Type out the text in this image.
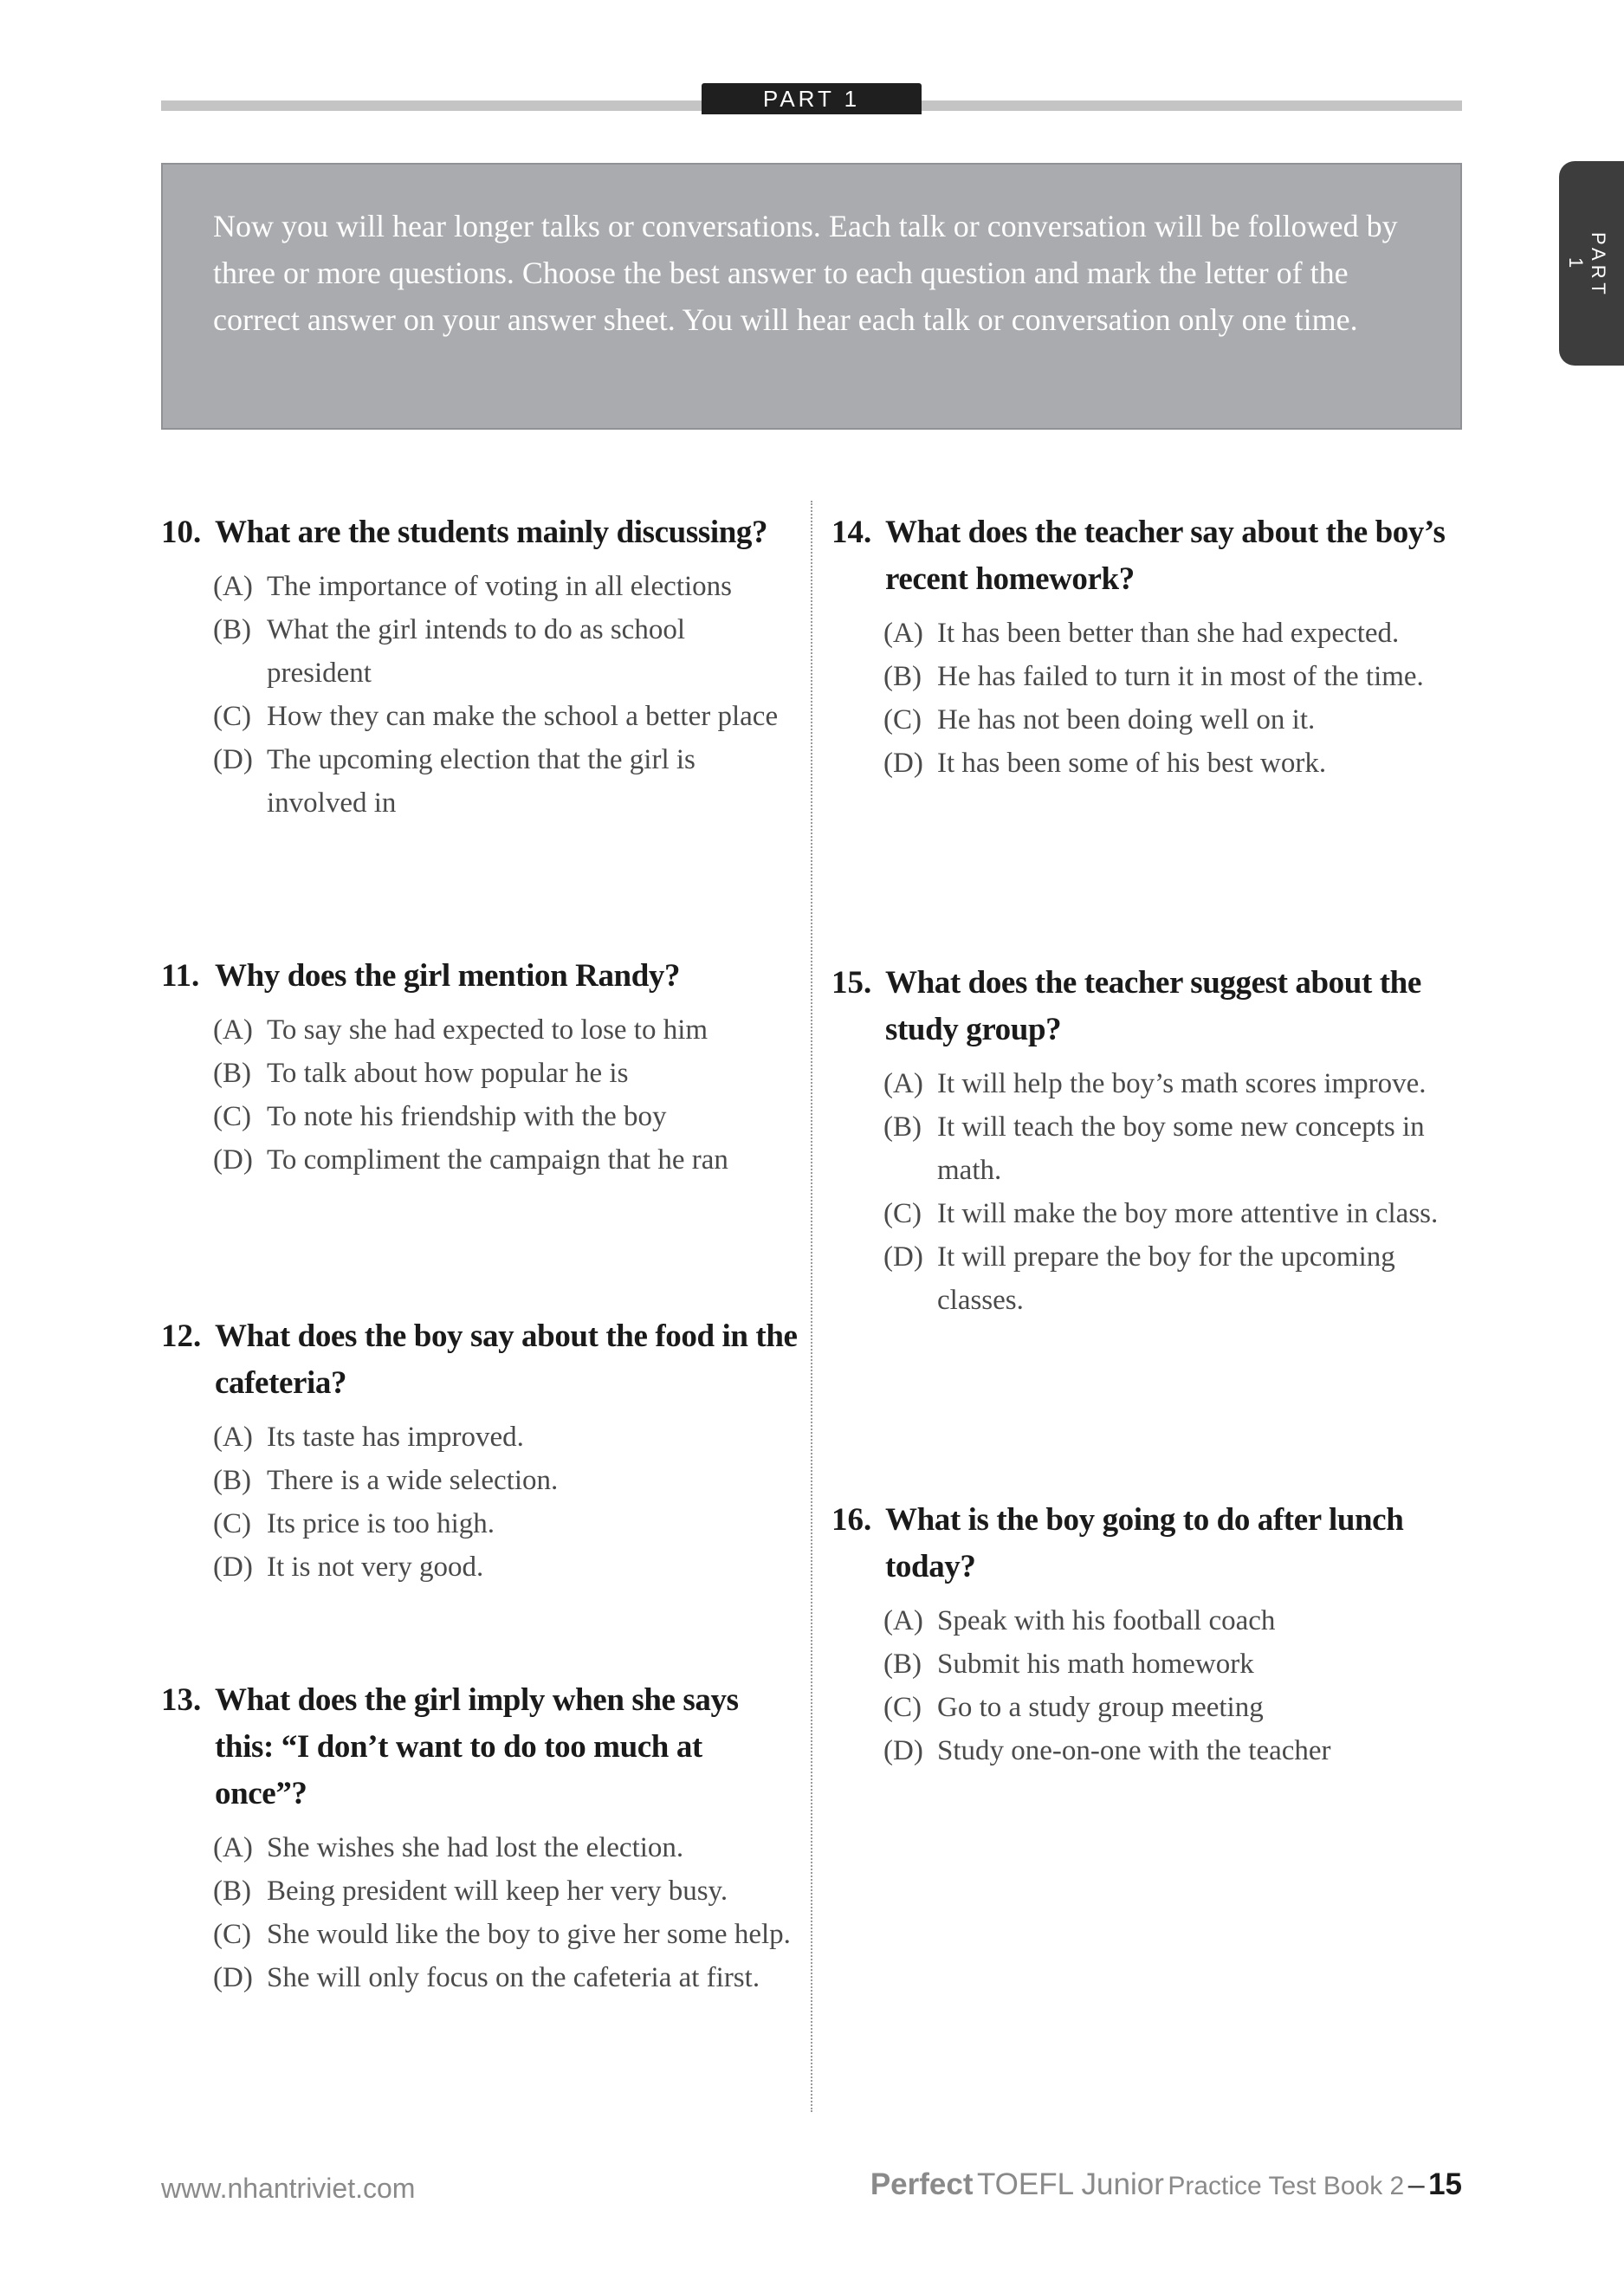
PART 1
PART 1
Now you will hear longer talks or conversations. Each talk or conversation will be followed by three or more questions. Choose the best answer to each question and mark the letter of the correct answer on your answer sheet. You will hear each talk or conversation only one time.
10. What are the students mainly discussing?
(A) The importance of voting in all elections
(B) What the girl intends to do as school president
(C) How they can make the school a better place
(D) The upcoming election that the girl is involved in
11. Why does the girl mention Randy?
(A) To say she had expected to lose to him
(B) To talk about how popular he is
(C) To note his friendship with the boy
(D) To compliment the campaign that he ran
12. What does the boy say about the food in the cafeteria?
(A) Its taste has improved.
(B) There is a wide selection.
(C) Its price is too high.
(D) It is not very good.
13. What does the girl imply when she says this: “I don’t want to do too much at once”?
(A) She wishes she had lost the election.
(B) Being president will keep her very busy.
(C) She would like the boy to give her some help.
(D) She will only focus on the cafeteria at first.
14. What does the teacher say about the boy’s recent homework?
(A) It has been better than she had expected.
(B) He has failed to turn it in most of the time.
(C) He has not been doing well on it.
(D) It has been some of his best work.
15. What does the teacher suggest about the study group?
(A) It will help the boy’s math scores improve.
(B) It will teach the boy some new concepts in math.
(C) It will make the boy more attentive in class.
(D) It will prepare the boy for the upcoming classes.
16. What is the boy going to do after lunch today?
(A) Speak with his football coach
(B) Submit his math homework
(C) Go to a study group meeting
(D) Study one-on-one with the teacher
www.nhantriviet.com	Perfect TOEFL Junior Practice Test Book 2 – 15
